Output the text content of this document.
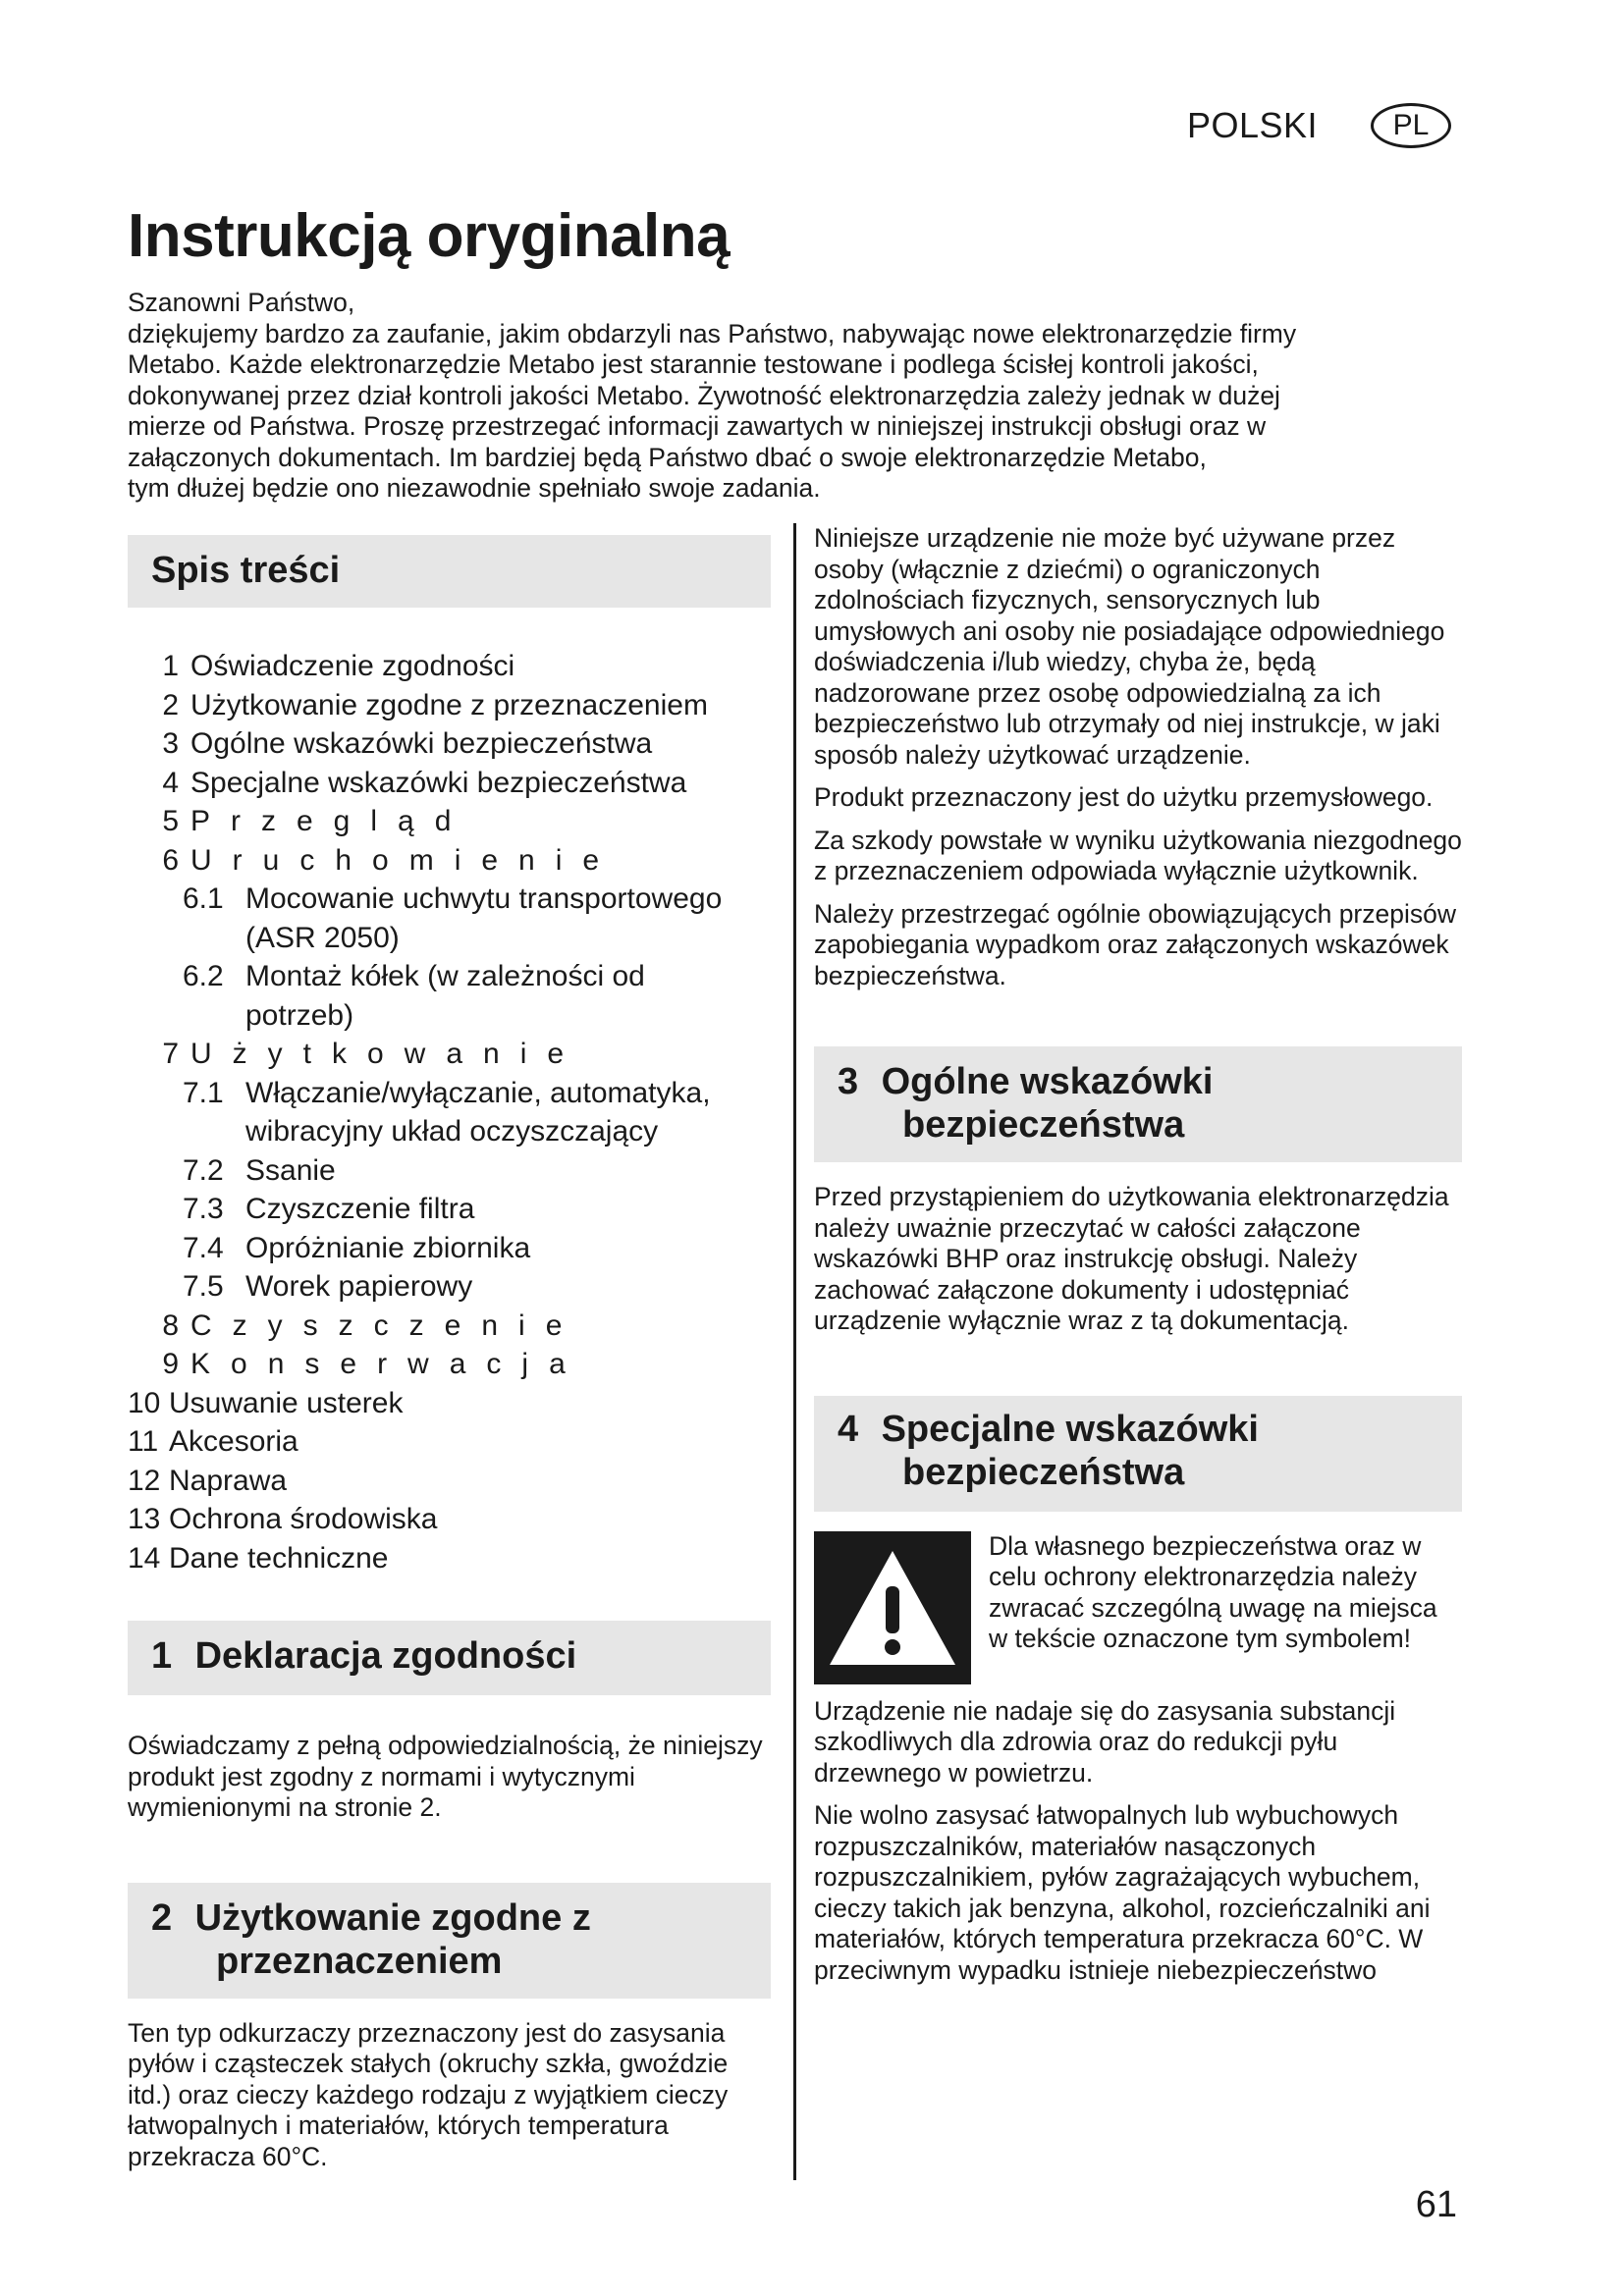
POLSKI	PL
Instrukcją oryginalną

Szanowni Państwo,

dziękujemy bardzo za zaufanie, jakim obdarzyli nas Państwo, nabywając nowe elektronarzędzie firmy

Metabo. Każde elektronarzędzie Metabo jest starannie testowane i podlega ścisłej kontroli jakości,

dokonywanej przez dział kontroli jakości Metabo. Żywotność elektronarzędzia zależy jednak w dużej

mierze od Państwa. Proszę przestrzegać informacji zawartych w niniejszej instrukcji obsługi oraz w

załączonych dokumentach. Im bardziej będą Państwo dbać o swoje elektronarzędzie Metabo,

tym dłużej będzie ono niezawodnie spełniało swoje zadania.

Spis treści
1 Oświadczenie zgodności
2 Użytkowanie zgodne z przeznaczeniem
3 Ogólne wskazówki bezpieczeństwa
4 Specjalne wskazówki bezpieczeństwa
5 Przegląd
6 Uruchomienie
6.1 Mocowanie uchwytu transportowego (ASR 2050)
6.2 Montaż kółek (w zależności od potrzeb)
7 Użytkowanie
7.1 Włączanie/wyłączanie, automatyka, wibracyjny układ oczyszczający
7.2 Ssanie
7.3 Czyszczenie filtra
7.4 Opróżnianie zbiornika
7.5 Worek papierowy
8 Czyszczenie
9 Konserwacja
10 Usuwanie usterek
11 Akcesoria
12 Naprawa
13 Ochrona środowiska
14 Dane techniczne
1 Deklaracja zgodności

Oświadczamy z pełną odpowiedzialnością, że niniejszy produkt jest zgodny z normami i wytycznymi wymienionymi na stronie 2.

2 Użytkowanie zgodne z
przeznaczeniem

Ten typ odkurzaczy przeznaczony jest do zasysania pyłów i cząsteczek stałych (okruchy szkła, gwoździe itd.) oraz cieczy każdego rodzaju z wyjątkiem cieczy łatwopalnych i materiałów, których temperatura przekracza 60°C.

Niniejsze urządzenie nie może być używane przez osoby (włącznie z dziećmi) o ograniczonych zdolnościach fizycznych, sensorycznych lub umysłowych ani osoby nie posiadające odpowiedniego doświadczenia i/lub wiedzy, chyba że, będą nadzorowane przez osobę odpowiedzialną za ich bezpieczeństwo lub otrzymały od niej instrukcje, w jaki sposób należy użytkować urządzenie.

Produkt przeznaczony jest do użytku przemysłowego.

Za szkody powstałe w wyniku użytkowania niezgodnego z przeznaczeniem odpowiada wyłącznie użytkownik.

Należy przestrzegać ogólnie obowiązujących przepisów zapobiegania wypadkom oraz załączonych wskazówek bezpieczeństwa.

3 Ogólne wskazówki
bezpieczeństwa

Przed przystąpieniem do użytkowania elektronarzędzia należy uważnie przeczytać w całości załączone wskazówki BHP oraz instrukcję obsługi. Należy zachować załączone dokumenty i udostępniać urządzenie wyłącznie wraz z tą dokumentacją.

4 Specjalne wskazówki
bezpieczeństwa
Dla własnego bezpieczeństwa oraz w celu ochrony elektronarzędzia należy zwracać szczególną uwagę na miejsca w tekście oznaczone tym symbolem!

Urządzenie nie nadaje się do zasysania substancji szkodliwych dla zdrowia oraz do redukcji pyłu drzewnego w powietrzu.

Nie wolno zasysać łatwopalnych lub wybuchowych rozpuszczalników, materiałów nasączonych rozpuszczalnikiem, pyłów zagrażających wybuchem, cieczy takich jak benzyna, alkohol, rozcieńczalniki ani materiałów, których temperatura przekracza 60°C. W przeciwnym wypadku istnieje niebezpieczeństwo

61
